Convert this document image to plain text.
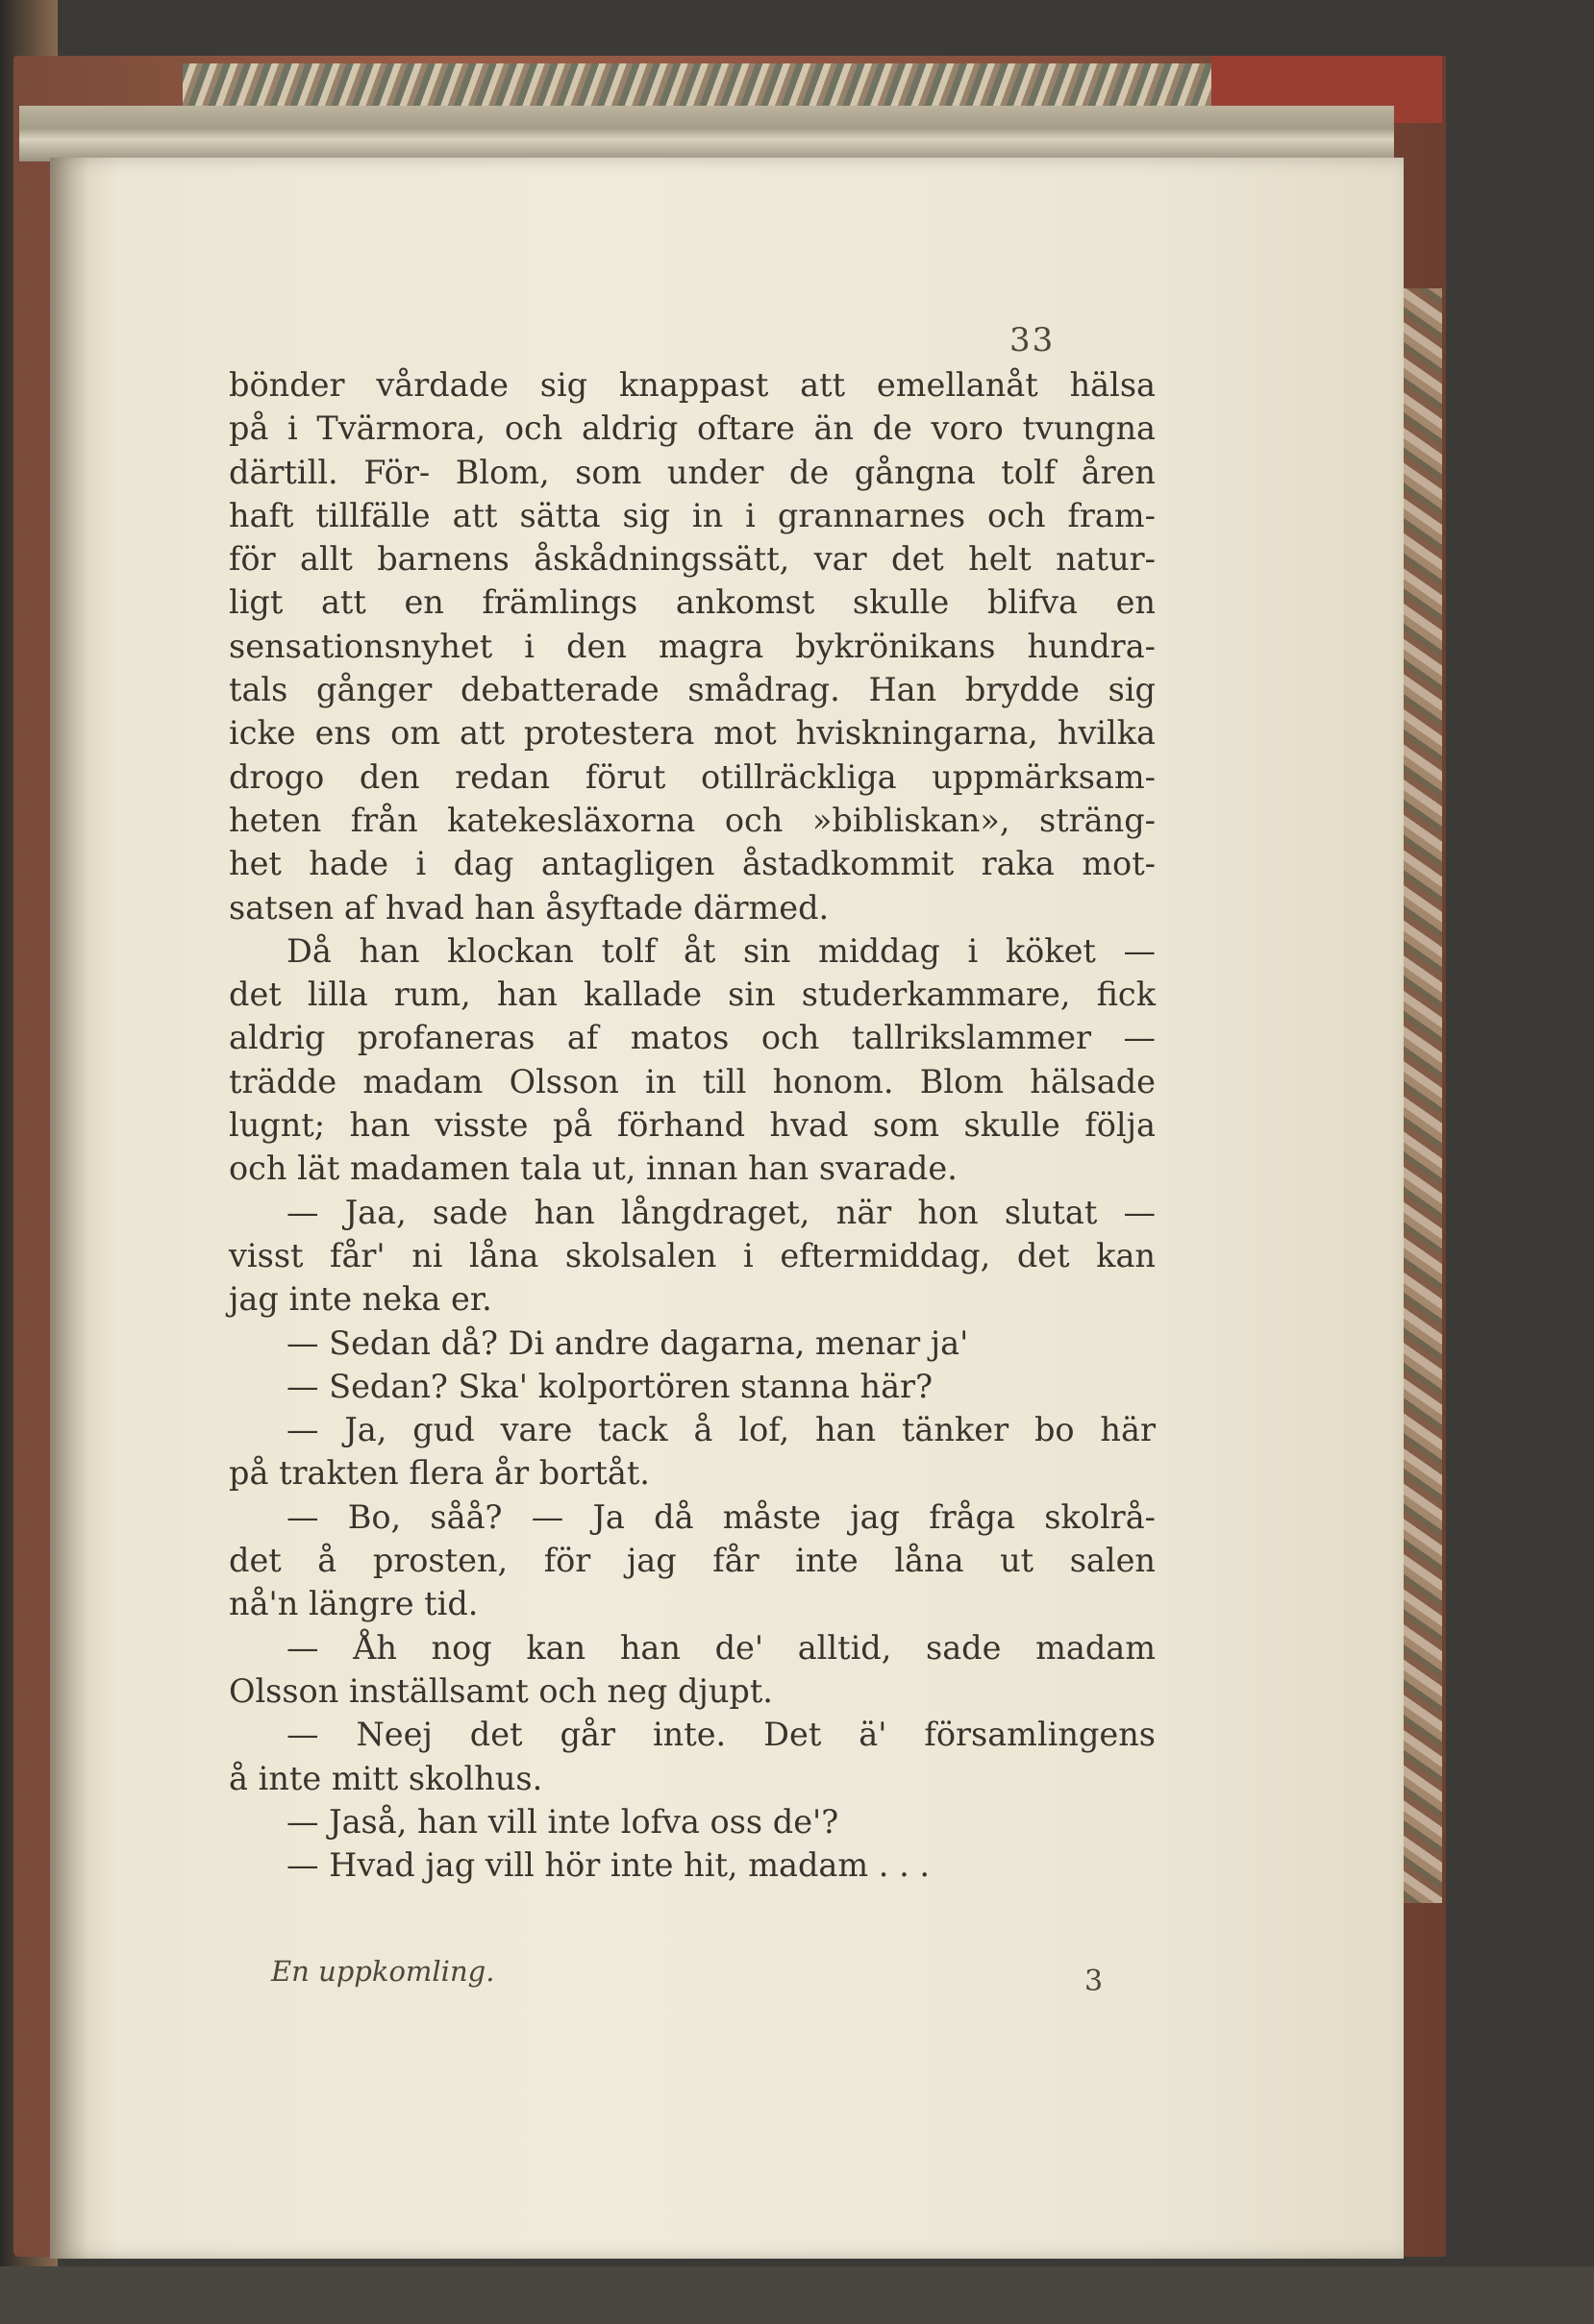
33
bönder vårdade sig knappast att emellanåt hälsa
på i Tvärmora, och aldrig oftare än de voro tvungna
därtill. För- Blom, som under de gångna tolf åren
haft tillfälle att sätta sig in i grannarnes och fram-
för allt barnens åskådningssätt, var det helt natur-
ligt att en främlings ankomst skulle blifva en
sensationsnyhet i den magra bykrönikans hundra-
tals gånger debatterade smådrag. Han brydde sig
icke ens om att protestera mot hviskningarna, hvilka
drogo den redan förut otillräckliga uppmärksam-
heten från katekesläxorna och »bibliskan», sträng-
het hade i dag antagligen åstadkommit raka mot-
satsen af hvad han åsyftade därmed.
Då han klockan tolf åt sin middag i köket —
det lilla rum, han kallade sin studerkammare, fick
aldrig profaneras af matos och tallrikslammer —
trädde madam Olsson in till honom. Blom hälsade
lugnt; han visste på förhand hvad som skulle följa
och lät madamen tala ut, innan han svarade.
— Jaa, sade han långdraget, när hon slutat —
visst får' ni låna skolsalen i eftermiddag, det kan
jag inte neka er.
— Sedan då? Di andre dagarna, menar ja'
— Sedan? Ska' kolportören stanna här?
— Ja, gud vare tack å lof, han tänker bo här
på trakten flera år bortåt.
— Bo, såå? — Ja då måste jag fråga skolrå-
det å prosten, för jag får inte låna ut salen
nå'n längre tid.
— Åh nog kan han de' alltid, sade madam
Olsson inställsamt och neg djupt.
— Neej det går inte. Det ä' församlingens
å inte mitt skolhus.
— Jaså, han vill inte lofva oss de'?
— Hvad jag vill hör inte hit, madam . . .
En uppkomling.	3
